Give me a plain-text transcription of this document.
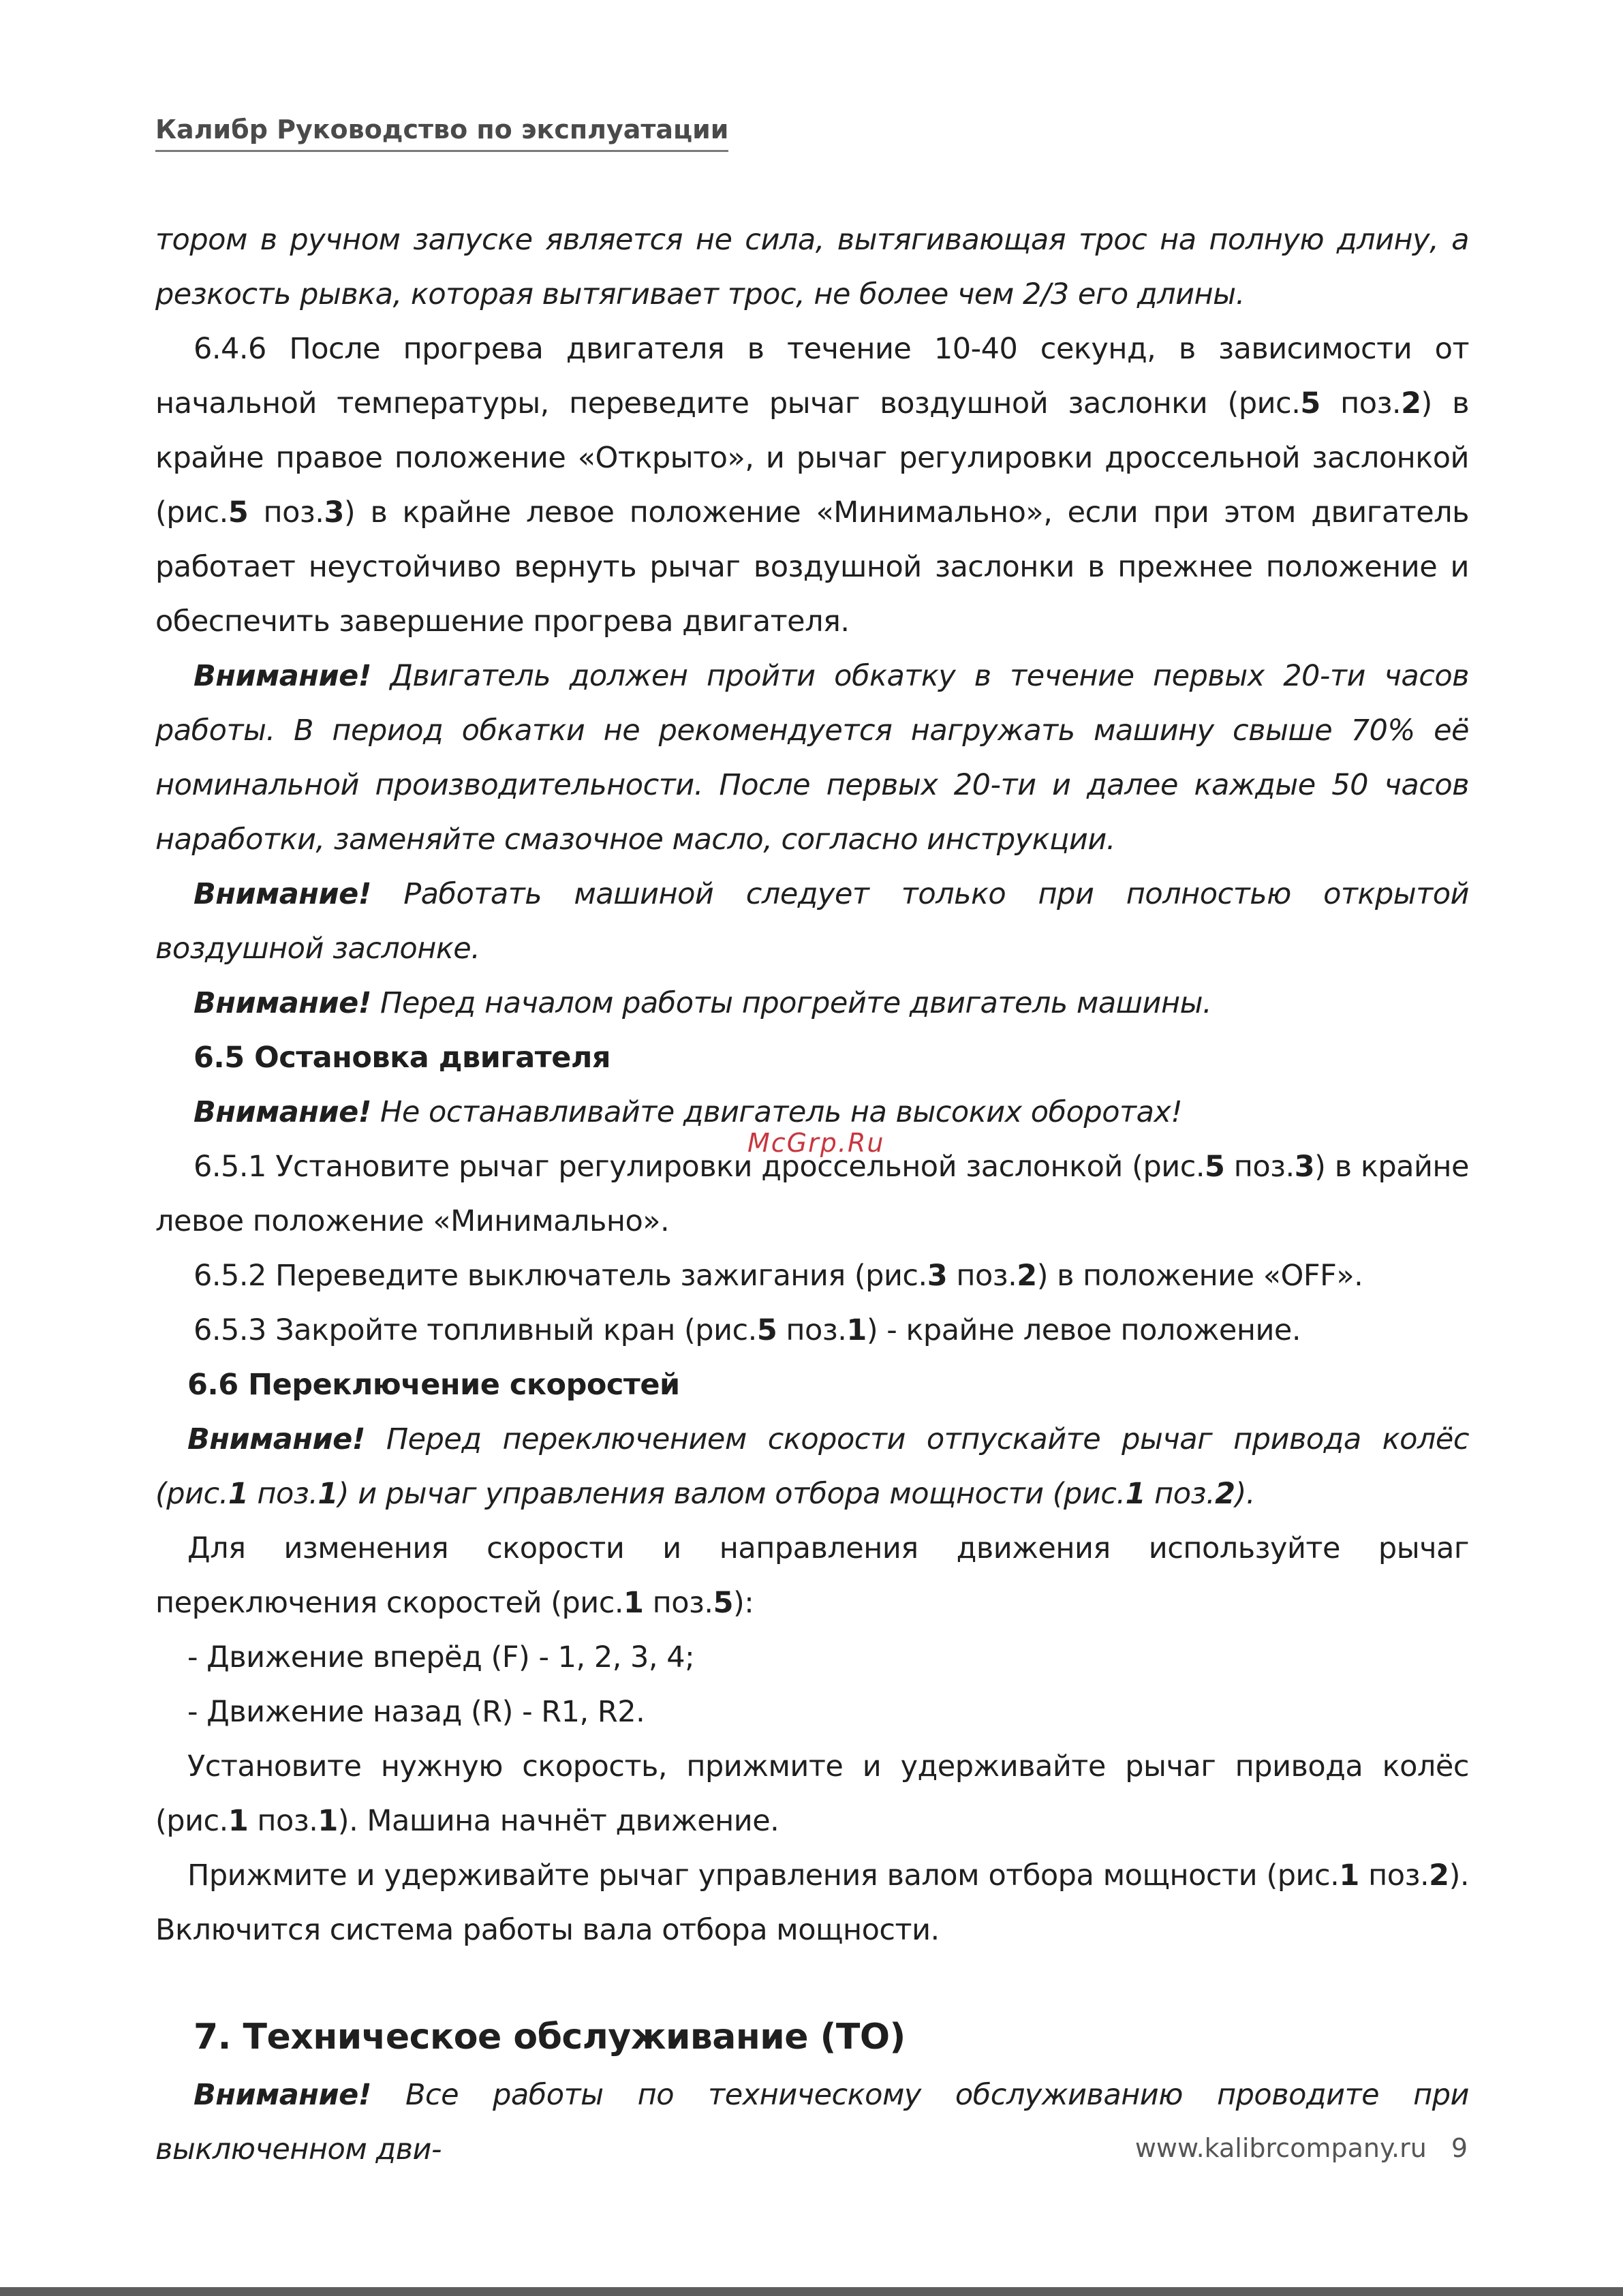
Калибр Руководство по эксплуатации

тором в ручном запуске является не сила, вытягивающая трос на полную длину, а резкость рывка, которая вытягивает трос, не более чем 2/3 его длины.

6.4.6 После прогрева двигателя в течение 10-40 секунд, в зависимости от начальной температуры, переведите рычаг воздушной заслонки (рис.5 поз.2) в крайне правое положение «Открыто», и рычаг регулировки дроссельной заслонкой (рис.5 поз.3) в крайне левое положение «Минимально», если при этом двигатель работает неустойчиво вернуть рычаг воздушной заслонки в прежнее положение и обеспечить завершение прогрева двигателя.

Внимание! Двигатель должен пройти обкатку в течение первых 20-ти часов работы. В период обкатки не рекомендуется нагружать машину свыше 70% её номинальной производительности. После первых 20-ти и далее каждые 50 часов наработки, заменяйте смазочное масло, согласно инструкции.

Внимание! Работать машиной следует только при полностью открытой воздушной заслонке.

Внимание! Перед началом работы прогрейте двигатель машины.

6.5 Остановка двигателя

Внимание! Не останавливайте двигатель на высоких оборотах!

6.5.1 Установите рычаг регулировки дроссельной заслонкой (рис.5 поз.3) в крайне левое положение «Минимально».

6.5.2 Переведите выключатель зажигания (рис.3 поз.2) в положение «OFF».

6.5.3 Закройте топливный кран (рис.5 поз.1) - крайне левое положение.

6.6 Переключение скоростей

Внимание! Перед переключением скорости отпускайте рычаг привода колёс (рис.1 поз.1) и рычаг управления валом отбора мощности (рис.1 поз.2).

Для изменения скорости и направления движения используйте рычаг переключения скоростей (рис.1 поз.5):

- Движение вперёд (F) - 1, 2, 3, 4;

- Движение назад (R) - R1, R2.

Установите нужную скорость, прижмите и удерживайте рычаг привода колёс (рис.1 поз.1). Машина начнёт движение.

Прижмите и удерживайте рычаг управления валом отбора мощности (рис.1 поз.2). Включится система работы вала отбора мощности.

7. Техническое обслуживание (ТО)

Внимание! Все работы по техническому обслуживанию проводите при выключенном дви-

McGrp.Ru
www.kalibrcompany.ru 9
